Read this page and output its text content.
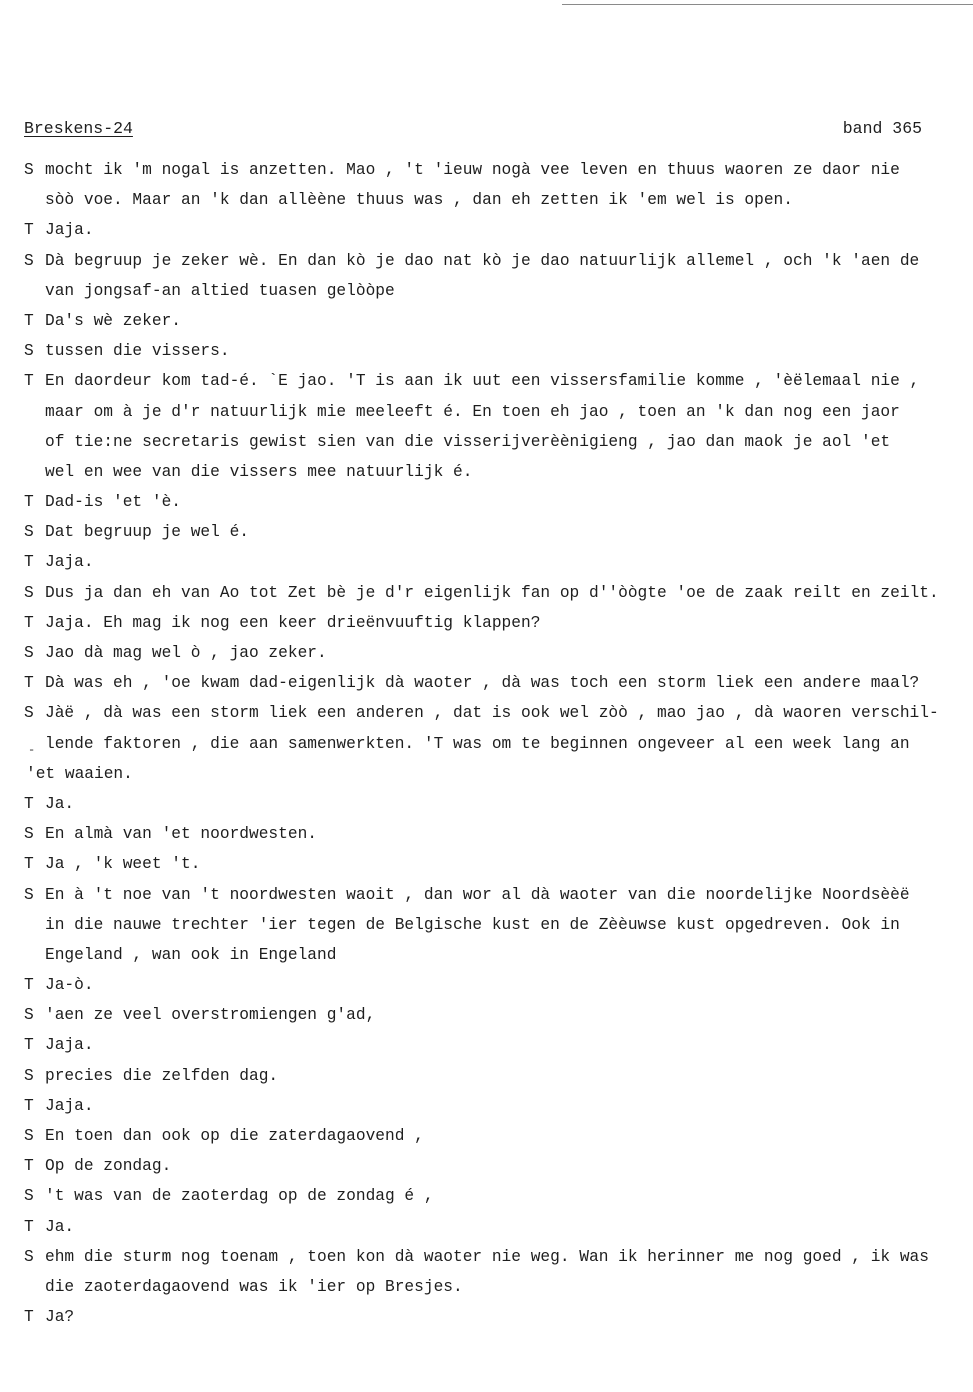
Breskens-24	band 365
S mocht ik 'm nogal is anzetten. Mao , 't 'ieuw nogà vee leven en thuus waoren ze daor nie
sòò voe. Maar an 'k dan allèène thuus was , dan eh zetten ik 'em wel is open.
T Jaja.
S Dà begruup je zeker wè. En dan kò je dao nat kò je dao natuurlijk allemel , och 'k 'aen de
van jongsaf-an altied tuasen gelòòpe
T Da's wè zeker.
S tussen die vissers.
T En daordeur kom tad-é. `E jao. 'T is aan ik uut een vissersfamilie komme , 'èëlemaal nie ,
maar om à je d'r natuurlijk mie meeleeft é. En toen eh jao , toen an 'k dan nog een jaor
of tie:ne secretaris gewist sien van die visserijverèènigieng , jao dan maok je aol 'et
wel en wee van die vissers mee natuurlijk é.
T Dad-is 'et 'è.
S Dat begruup je wel é.
T Jaja.
S Dus ja dan eh van Ao tot Zet bè je d'r eigenlijk fan op d''òògte 'oe de zaak reilt en zeilt.
T Jaja. Eh mag ik nog een keer drieënvuuftig klappen?
S Jao dà mag wel ò , jao zeker.
T Dà was eh , 'oe kwam dad-eigenlijk dà waoter , dà was toch een storm liek een andere maal?
S Jàë , dà was een storm liek een anderen , dat is ook wel zòò , mao jao , dà waoren verschil-
lende faktoren , die aan samenwerkten. 'T was om te beginnen ongeveer al een week lang an
'et waaien.
T Ja.
S En almà van 'et noordwesten.
T Ja , 'k weet 't.
S En à 't noe van 't noordwesten waoit , dan wor al dà waoter van die noordelijke Noordsèèë
in die nauwe trechter 'ier tegen de Belgische kust en de Zèèuwse kust opgedreven. Ook in
Engeland , wan ook in Engeland
T Ja-ò.
S 'aen ze veel overstromiengen g'ad,
T Jaja.
S precies die zelfden dag.
T Jaja.
S En toen dan ook op die zaterdagaovend ,
T Op de zondag.
S 't was van de zaoterdag op de zondag é ,
T Ja.
S ehm die sturm nog toenam , toen kon dà waoter nie weg. Wan ik herinner me nog goed , ik was
die zaoterdagaovend was ik 'ier op Bresjes.
T Ja?
-
